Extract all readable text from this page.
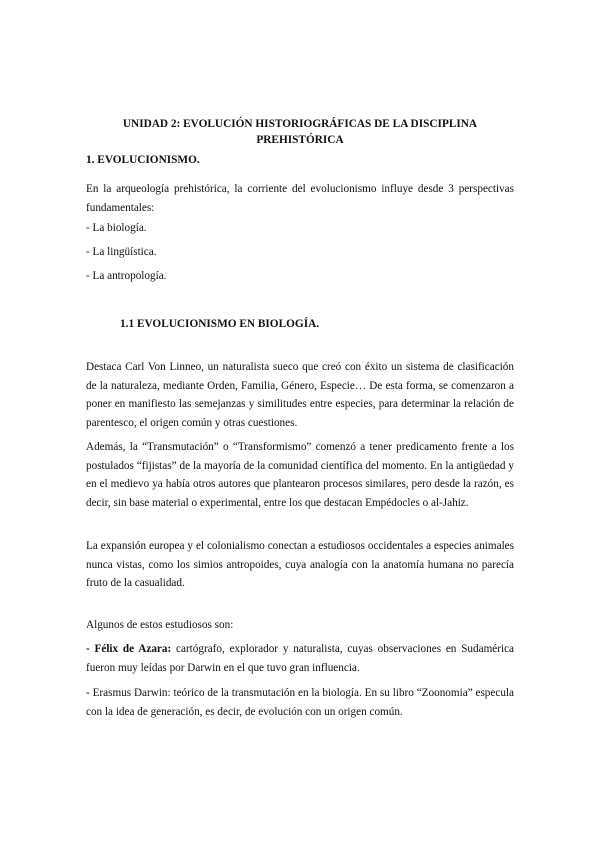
UNIDAD 2: EVOLUCIÓN HISTORIOGRÁFICAS DE LA DISCIPLINA
PREHISTÓRICA
1. EVOLUCIONISMO.
En la arqueología prehistórica, la corriente del evolucionismo influye desde 3 perspectivas fundamentales:
- La biología.
- La lingüística.
- La antropología.
1.1 EVOLUCIONISMO EN BIOLOGÍA.
Destaca Carl Von Linneo, un naturalista sueco que creó con éxito un sistema de clasificación de la naturaleza, mediante Orden, Familia, Género, Especie… De esta forma, se comenzaron a poner en manifiesto las semejanzas y similitudes entre especies, para determinar la relación de parentesco, el origen común y otras cuestiones.
Además, la “Transmutación” o “Transformismo” comenzó a tener predicamento frente a los postulados “fijistas” de la mayoría de la comunidad científica del momento. En la antigüedad y en el medievo ya había otros autores que plantearon procesos similares, pero desde la razón, es decir, sin base material o experimental, entre los que destacan Empédocles o al-Jahiz.
La expansión europea y el colonialismo conectan a estudiosos occidentales a especies animales nunca vistas, como los simios antropoides, cuya analogía con la anatomía humana no parecía fruto de la casualidad.
Algunos de estos estudiosos son:
- Félix de Azara: cartógrafo, explorador y naturalista, cuyas observaciones en Sudamérica fueron muy leídas por Darwin en el que tuvo gran influencia.
- Erasmus Darwin: teórico de la transmutación en la biología. En su libro “Zoonomia” especula con la idea de generación, es decir, de evolución con un origen común.
